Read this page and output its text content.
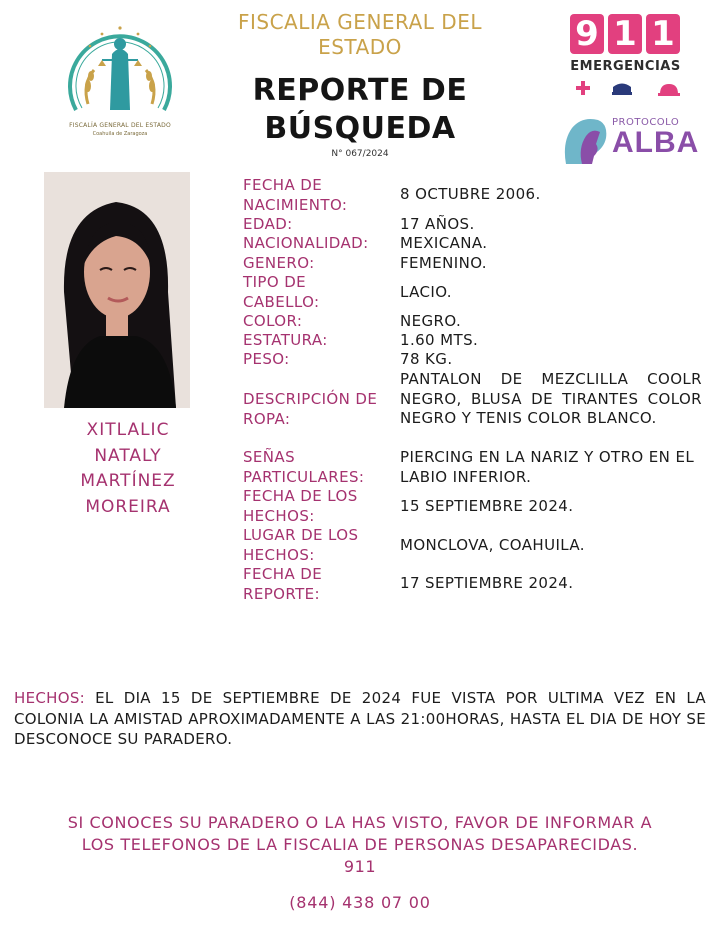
FISCALÍA GENERAL DEL ESTADO
Coahuila de Zaragoza
FISCALIA GENERAL DEL
ESTADO
REPORTE DE
BÚSQUEDA
N° 067/2024
9 1 1
EMERGENCIAS
PROTOCOLO
ALBA
XITLALIC
NATALY
MARTÍNEZ
MOREIRA
FECHA DE
NACIMIENTO:
8 OCTUBRE 2006.
EDAD:	17 AÑOS.
NACIONALIDAD:	MEXICANA.
GENERO:	FEMENINO.
TIPO DE
CABELLO:
LACIO.
COLOR:	NEGRO.
ESTATURA:	1.60 MTS.
PESO:	78 KG.
DESCRIPCIÓN DE
ROPA:
PANTALON DE MEZCLILLA COOLR NEGRO, BLUSA DE TIRANTES COLOR NEGRO Y TENIS COLOR BLANCO.
SEÑAS
PARTICULARES:
PIERCING EN LA NARIZ Y OTRO EN EL LABIO INFERIOR.
FECHA DE LOS
HECHOS:
15 SEPTIEMBRE 2024.
LUGAR DE LOS
HECHOS:
MONCLOVA, COAHUILA.
FECHA DE
REPORTE:
17 SEPTIEMBRE 2024.
HECHOS: EL DIA 15 DE SEPTIEMBRE DE 2024 FUE VISTA POR ULTIMA VEZ EN LA COLONIA LA AMISTAD APROXIMADAMENTE A LAS 21:00HORAS, HASTA EL DIA DE HOY SE DESCONOCE SU PARADERO.
SI CONOCES SU PARADERO O LA HAS VISTO, FAVOR DE INFORMAR A
LOS TELEFONOS DE LA FISCALIA DE PERSONAS DESAPARECIDAS.
911
(844) 438 07 00
